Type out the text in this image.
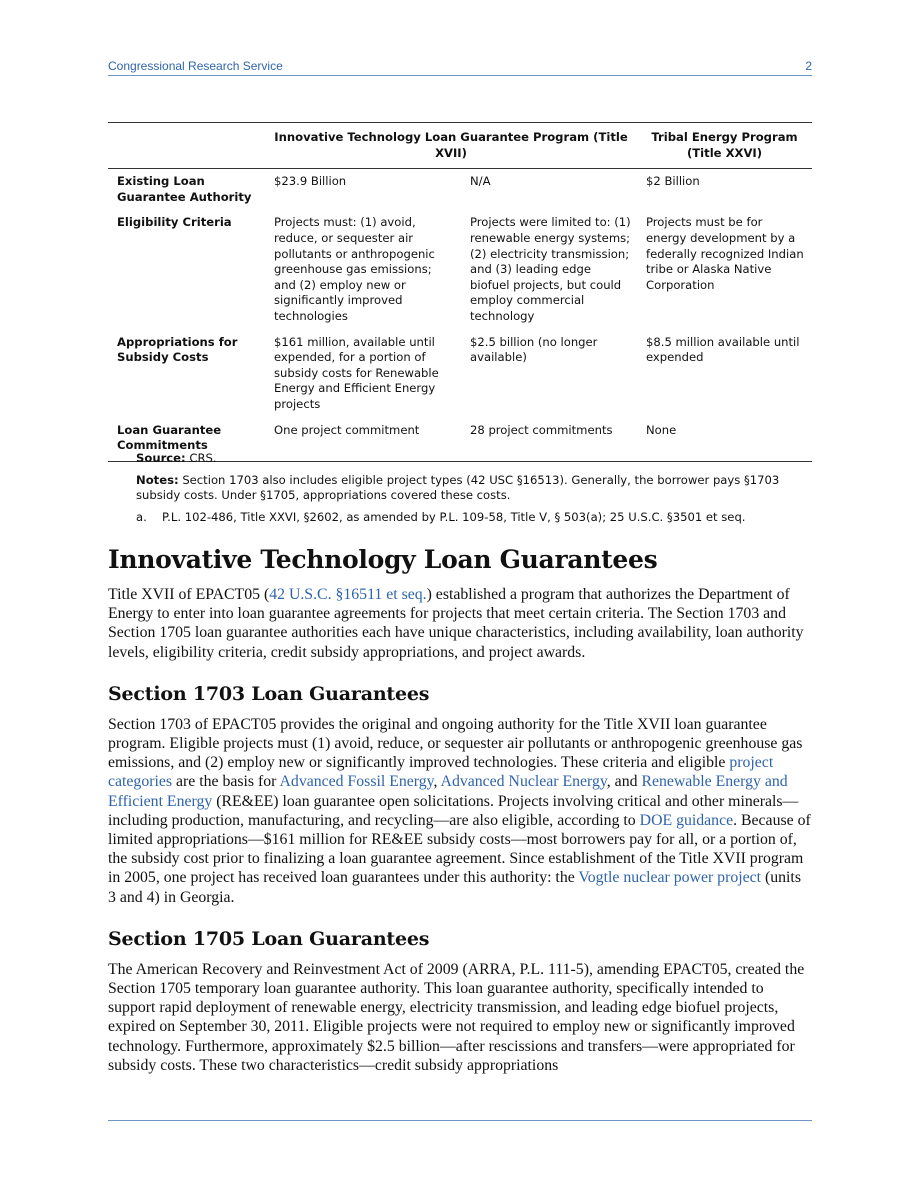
Congressional Research Service	2
	Innovative Technology Loan Guarantee Program (Title XVII)		Tribal Energy Program (Title XXVI)
Existing Loan Guarantee Authority	$23.9 Billion	N/A	$2 Billion
Eligibility Criteria	Projects must: (1) avoid, reduce, or sequester air pollutants or anthropogenic greenhouse gas emissions; and (2) employ new or significantly improved technologies	Projects were limited to: (1) renewable energy systems; (2) electricity transmission; and (3) leading edge biofuel projects, but could employ commercial technology	Projects must be for energy development by a federally recognized Indian tribe or Alaska Native Corporation
Appropriations for Subsidy Costs	$161 million, available until expended, for a portion of subsidy costs for Renewable Energy and Efficient Energy projects	$2.5 billion (no longer available)	$8.5 million available until expended
Loan Guarantee Commitments	One project commitment	28 project commitments	None

Source: CRS.

Notes: Section 1703 also includes eligible project types (42 USC §16513). Generally, the borrower pays §1703 subsidy costs. Under §1705, appropriations covered these costs.

a.	P.L. 102-486, Title XXVI, §2602, as amended by P.L. 109-58, Title V, § 503(a); 25 U.S.C. §3501 et seq.
Innovative Technology Loan Guarantees

Title XVII of EPACT05 (42 U.S.C. §16511 et seq.) established a program that authorizes the Department of Energy to enter into loan guarantee agreements for projects that meet certain criteria. The Section 1703 and Section 1705 loan guarantee authorities each have unique characteristics, including availability, loan authority levels, eligibility criteria, credit subsidy appropriations, and project awards.

Section 1703 Loan Guarantees

Section 1703 of EPACT05 provides the original and ongoing authority for the Title XVII loan guarantee program. Eligible projects must (1) avoid, reduce, or sequester air pollutants or anthropogenic greenhouse gas emissions, and (2) employ new or significantly improved technologies. These criteria and eligible project categories are the basis for Advanced Fossil Energy, Advanced Nuclear Energy, and Renewable Energy and Efficient Energy (RE&EE) loan guarantee open solicitations. Projects involving critical and other minerals—including production, manufacturing, and recycling—are also eligible, according to DOE guidance. Because of limited appropriations—$161 million for RE&EE subsidy costs—most borrowers pay for all, or a portion of, the subsidy cost prior to finalizing a loan guarantee agreement. Since establishment of the Title XVII program in 2005, one project has received loan guarantees under this authority: the Vogtle nuclear power project (units 3 and 4) in Georgia.

Section 1705 Loan Guarantees

The American Recovery and Reinvestment Act of 2009 (ARRA, P.L. 111-5), amending EPACT05, created the Section 1705 temporary loan guarantee authority. This loan guarantee authority, specifically intended to support rapid deployment of renewable energy, electricity transmission, and leading edge biofuel projects, expired on September 30, 2011. Eligible projects were not required to employ new or significantly improved technology. Furthermore, approximately $2.5 billion—after rescissions and transfers—were appropriated for subsidy costs. These two characteristics—credit subsidy appropriations
